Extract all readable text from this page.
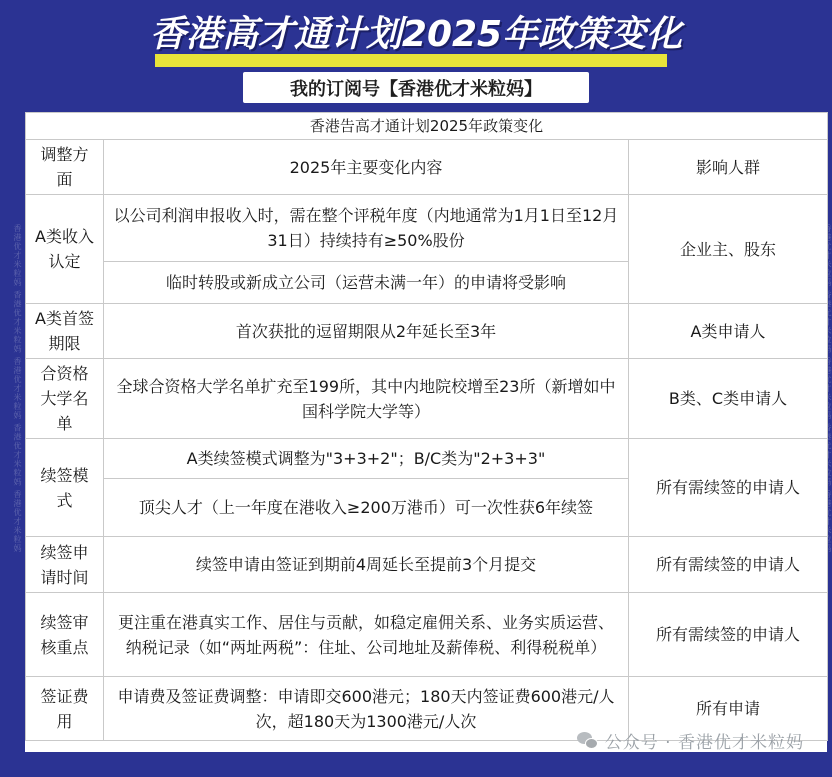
香港优才米粒妈 香港优才米粒妈 香港优才米粒妈 香港优才米粒妈 香港优才米粒妈
香港高才通计划2025年政策变化
我的订阅号【香港优才米粒妈】
香港告高才通计划2025年政策变化		
调整方面	2025年主要变化内容	影响人群
A类收入认定	以公司利润申报收入时，需在整个评税年度（内地通常为1月1日至12月31日）持续持有≥50%股份	企业主、股东
	临时转股或新成立公司（运营未满一年）的申请将受影响	
A类首签期限	首次获批的逗留期限从2年延长至3年	A类申请人
合资格大学名单	全球合资格大学名单扩充至199所，其中内地院校增至23所（新增如中国科学院大学等）	B类、C类申请人
续签模式	A类续签模式调整为"3+3+2"；B/C类为"2+3+3"	所有需续签的申请人
	顶尖人才（上一年度在港收入≥200万港币）可一次性获6年续签	
续签申请时间	续签申请由签证到期前4周延长至提前3个月提交	所有需续签的申请人
续签审核重点	更注重在港真实工作、居住与贡献，如稳定雇佣关系、业务实质运营、纳税记录（如“两址两税”：住址、公司地址及薪俸税、利得税税单）	所有需续签的申请人
签证费用	申请费及签证费调整：申请即交600港元；180天内签证费600港元/人次，超180天为1300港元/人次	所有申请
公众号 · 香港优才米粒妈
